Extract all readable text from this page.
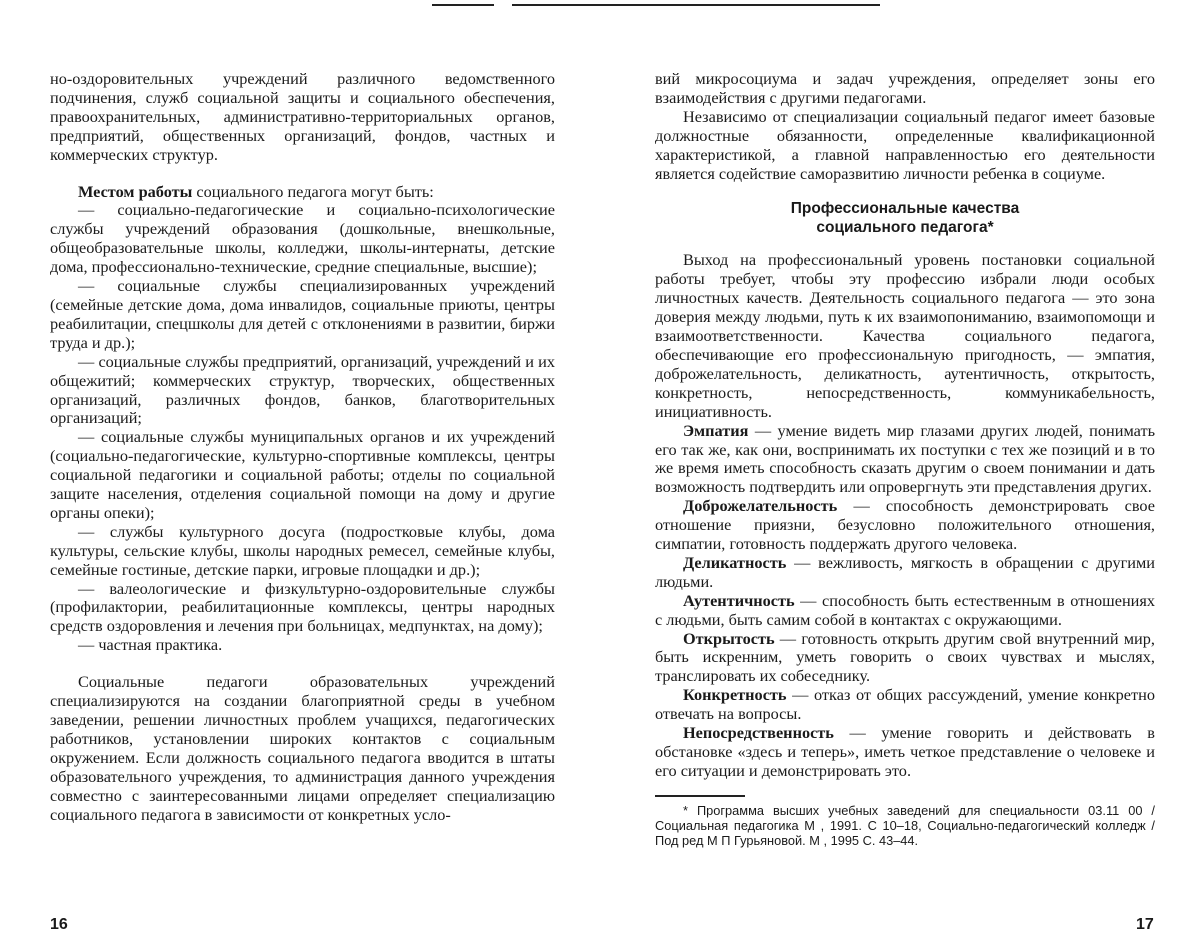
но-оздоровительных учреждений различного ведомственного подчинения, служб социальной защиты и социального обеспечения, правоохранительных, административно-территориальных органов, предприятий, общественных организаций, фондов, частных и коммерческих структур.

Местом работы социального педагога могут быть:

— социально-педагогические и социально-психологические службы учреждений образования (дошкольные, внешкольные, общеобразовательные школы, колледжи, школы-интернаты, детские дома, профессионально-технические, средние специальные, высшие);

— социальные службы специализированных учреждений (семейные детские дома, дома инвалидов, социальные приюты, центры реабилитации, спецшколы для детей с отклонениями в развитии, биржи труда и др.);

— социальные службы предприятий, организаций, учреждений и их общежитий; коммерческих структур, творческих, общественных организаций, различных фондов, банков, благотворительных организаций;

— социальные службы муниципальных органов и их учреждений (социально-педагогические, культурно-спортивные комплексы, центры социальной педагогики и социальной работы; отделы по социальной защите населения, отделения социальной помощи на дому и другие органы опеки);

— службы культурного досуга (подростковые клубы, дома культуры, сельские клубы, школы народных ремесел, семейные клубы, семейные гостиные, детские парки, игровые площадки и др.);

— валеологические и физкультурно-оздоровительные службы (профилактории, реабилитационные комплексы, центры народных средств оздоровления и лечения при больницах, медпунктах, на дому);

— частная практика.

Социальные педагоги образовательных учреждений специализируются на создании благоприятной среды в учебном заведении, решении личностных проблем учащихся, педагогических работников, установлении широких контактов с социальным окружением. Если должность социального педагога вводится в штаты образовательного учреждения, то администрация данного учреждения совместно с заинтересованными лицами определяет специализацию социального педагога в зависимости от конкретных усло-

16

вий микросоциума и задач учреждения, определяет зоны его взаимодействия с другими педагогами.

Независимо от специализации социальный педагог имеет базовые должностные обязанности, определенные квалификационной характеристикой, а главной направленностью его деятельности является содействие саморазвитию личности ребенка в социуме.

Профессиональные качества
социального педагога*

Выход на профессиональный уровень постановки социальной работы требует, чтобы эту профессию избрали люди особых личностных качеств. Деятельность социального педагога — это зона доверия между людьми, путь к их взаимопониманию, взаимопомощи и взаимоответственности. Качества социального педагога, обеспечивающие его профессиональную пригодность, — эмпатия, доброжелательность, деликатность, аутентичность, открытость, конкретность, непосредственность, коммуникабельность, инициативность.

Эмпатия — умение видеть мир глазами других людей, понимать его так же, как они, воспринимать их поступки с тех же позиций и в то же время иметь способность сказать другим о своем понимании и дать возможность подтвердить или опровергнуть эти представления других.

Доброжелательность — способность демонстрировать свое отношение приязни, безусловно положительного отношения, симпатии, готовность поддержать другого человека.

Деликатность — вежливость, мягкость в обращении с другими людьми.

Аутентичность — способность быть естественным в отношениях с людьми, быть самим собой в контактах с окружающими.

Открытость — готовность открыть другим свой внутренний мир, быть искренним, уметь говорить о своих чувствах и мыслях, транслировать их собеседнику.

Конкретность — отказ от общих рассуждений, умение конкретно отвечать на вопросы.

Непосредственность — умение говорить и действовать в обстановке «здесь и теперь», иметь четкое представление о человеке и его ситуации и демонстрировать это.

* Программа высших учебных заведений для специальности 03.11 00 / Социальная педагогика М , 1991. С 10–18, Социально-педагогический колледж / Под ред М П Гурьяновой. М , 1995 С. 43–44.

17
